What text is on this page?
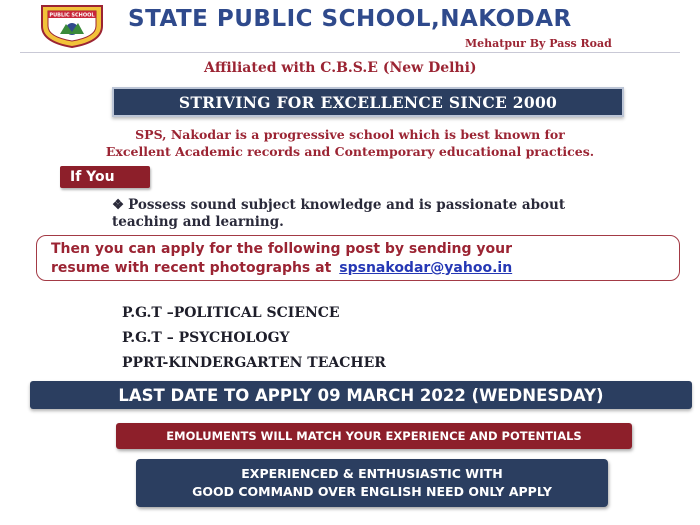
PUBLIC SCHOOL STATE PUBLIC SCHOOL,NAKODAR
Mehatpur By Pass Road
Affiliated with C.B.S.E (New Delhi)
STRIVING FOR EXCELLENCE SINCE 2000
SPS, Nakodar is a progressive school which is best known for
Excellent Academic records and Contemporary educational practices.
If You
❖ Possess sound subject knowledge and is passionate about
teaching and learning.
Then you can apply for the following post by sending your
resume with recent photographs at spsnakodar@yahoo.in
P.G.T –POLITICAL SCIENCE
P.G.T – PSYCHOLOGY
PPRT-KINDERGARTEN TEACHER
LAST DATE TO APPLY 09 MARCH 2022 (WEDNESDAY)
EMOLUMENTS WILL MATCH YOUR EXPERIENCE AND POTENTIALS
EXPERIENCED & ENTHUSIASTIC WITH
GOOD COMMAND OVER ENGLISH NEED ONLY APPLY
